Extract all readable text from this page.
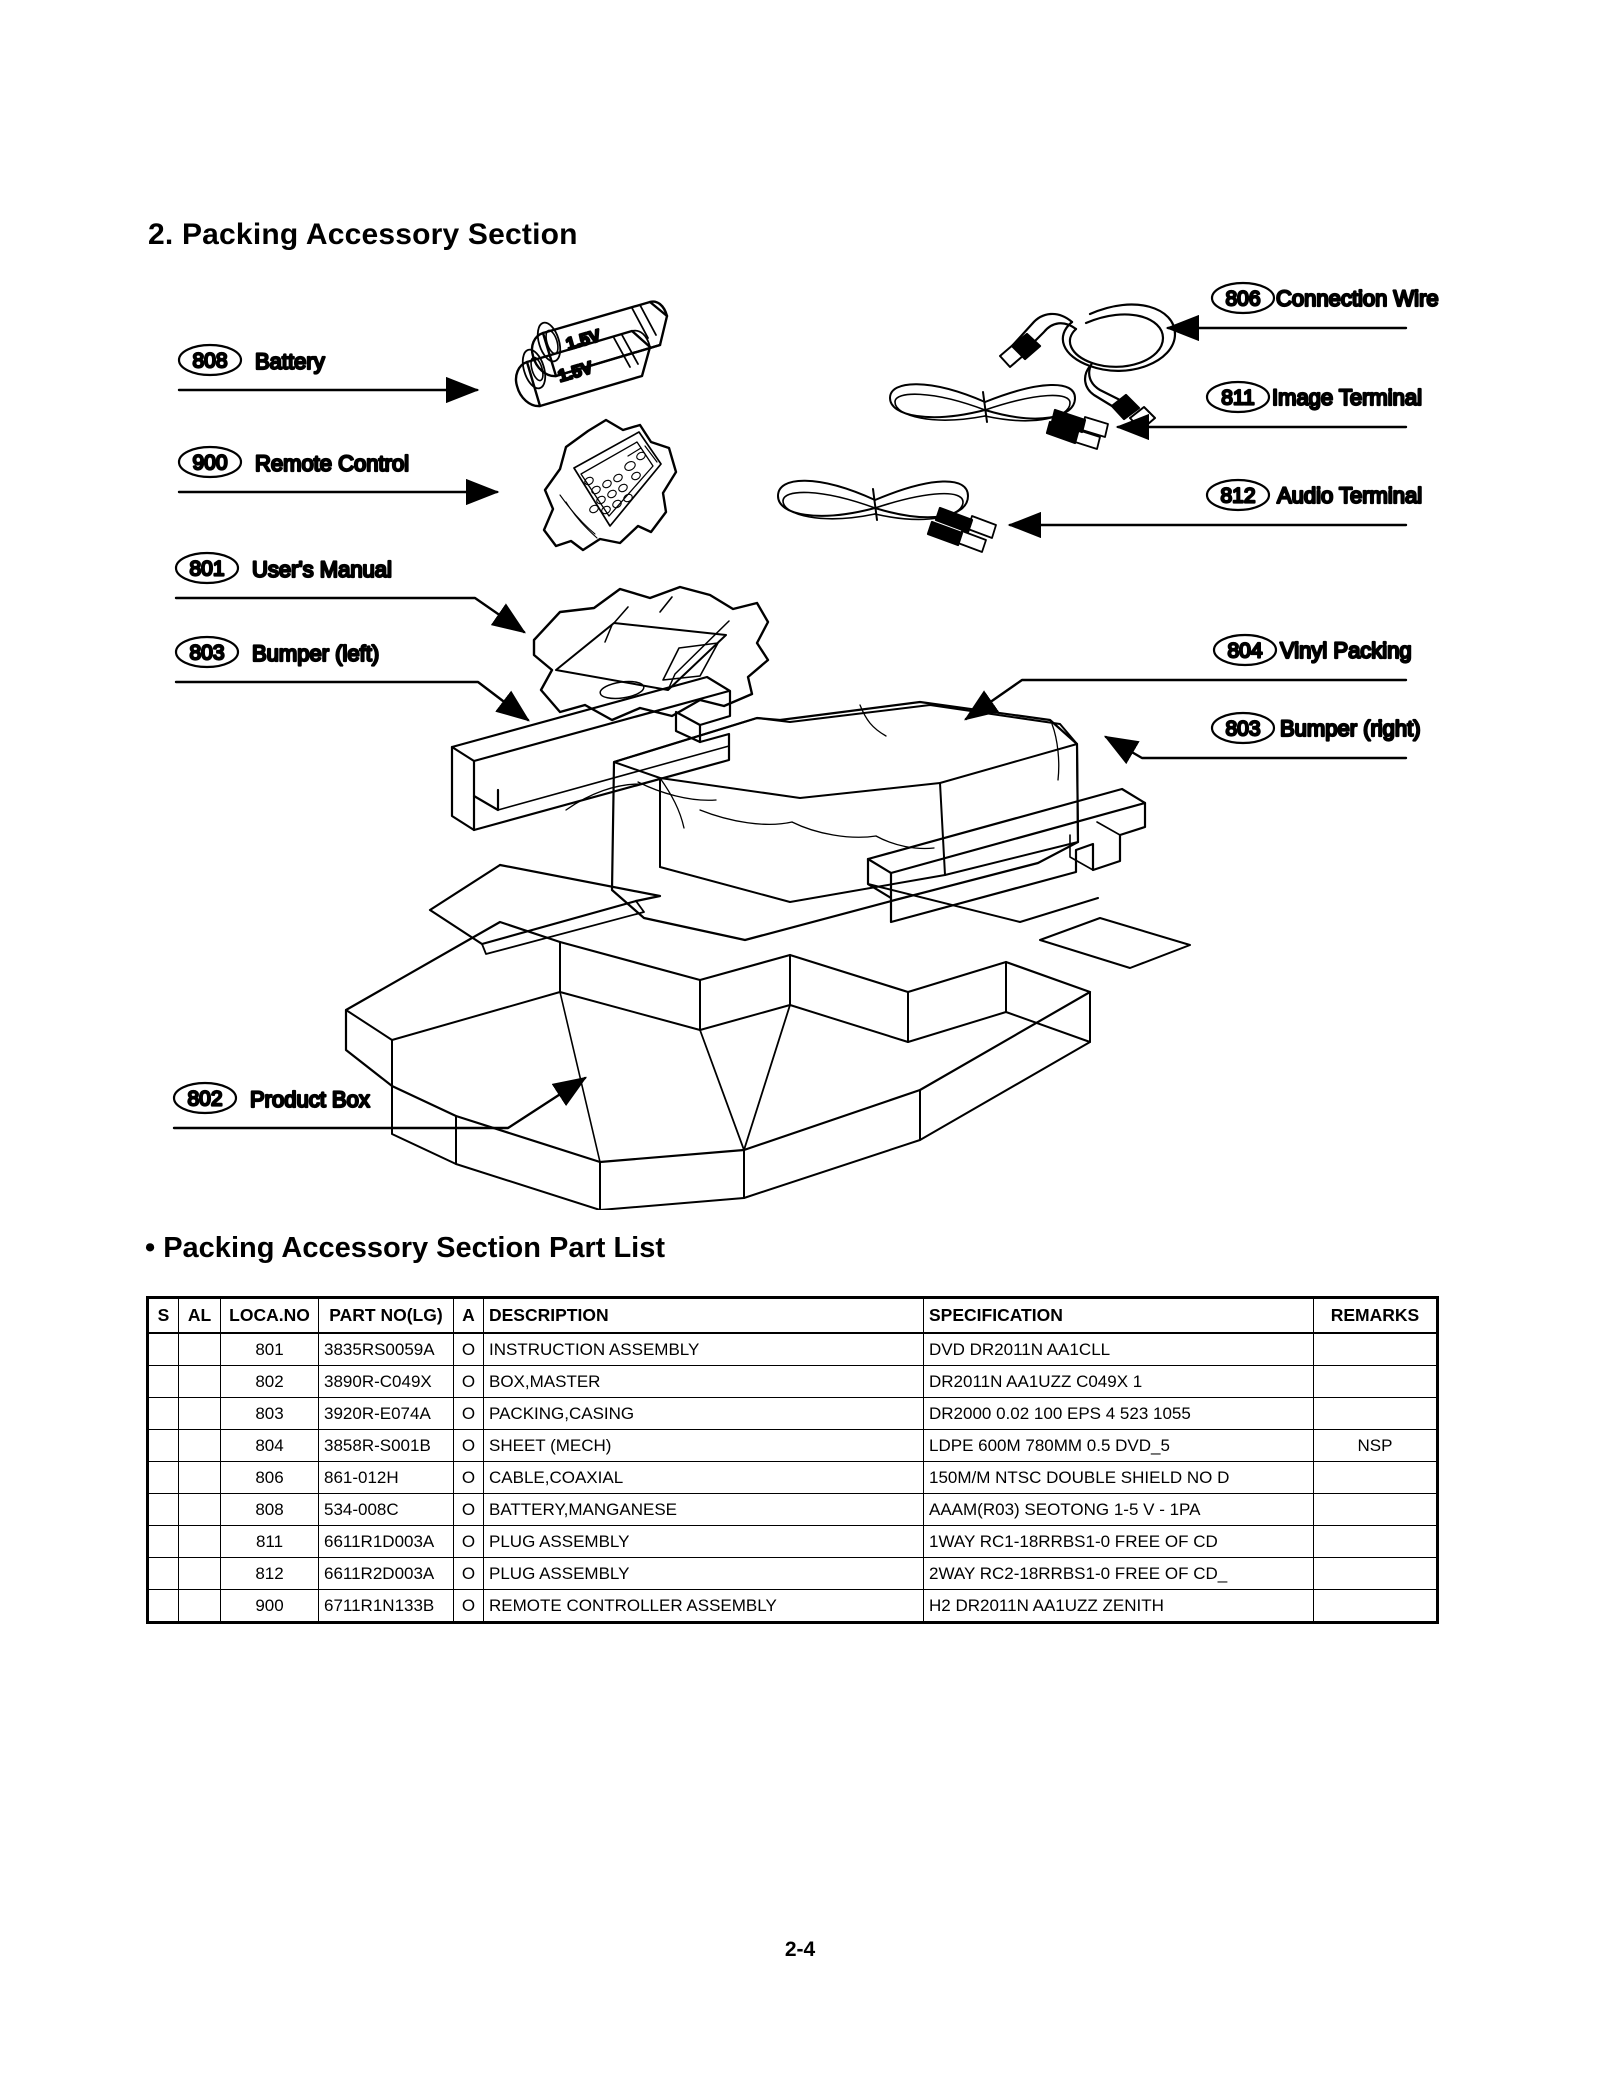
2. Packing Accessory Section
808 Battery
1.5V
1.5V
900 Remote Control
801 User's Manual
806 Connection Wire
811 Image Terminal
812 Audio Terminal
803 Bumper (left)	804 Vinyl Packing
803 Bumper (right)
802 Product Box
• Packing Accessory Section Part List
S	AL	LOCA.NO	PART NO(LG)	A	DESCRIPTION	SPECIFICATION	REMARKS
		801	3835RS0059A	O	INSTRUCTION ASSEMBLY	DVD DR2011N AA1CLL	
		802	3890R-C049X	O	BOX,MASTER	DR2011N AA1UZZ C049X 1	
		803	3920R-E074A	O	PACKING,CASING	DR2000 0.02 100 EPS 4 523 1055	
		804	3858R-S001B	O	SHEET (MECH)	LDPE 600M 780MM 0.5 DVD_5	NSP
		806	861-012H	O	CABLE,COAXIAL	150M/M NTSC DOUBLE SHIELD NO D	
		808	534-008C	O	BATTERY,MANGANESE	AAAM(R03) SEOTONG 1-5 V - 1PA	
		811	6611R1D003A	O	PLUG ASSEMBLY	1WAY RC1-18RRBS1-0 FREE OF CD	
		812	6611R2D003A	O	PLUG ASSEMBLY	2WAY RC2-18RRBS1-0 FREE OF CD_	
		900	6711R1N133B	O	REMOTE CONTROLLER ASSEMBLY	H2 DR2011N AA1UZZ ZENITH	
2-4
